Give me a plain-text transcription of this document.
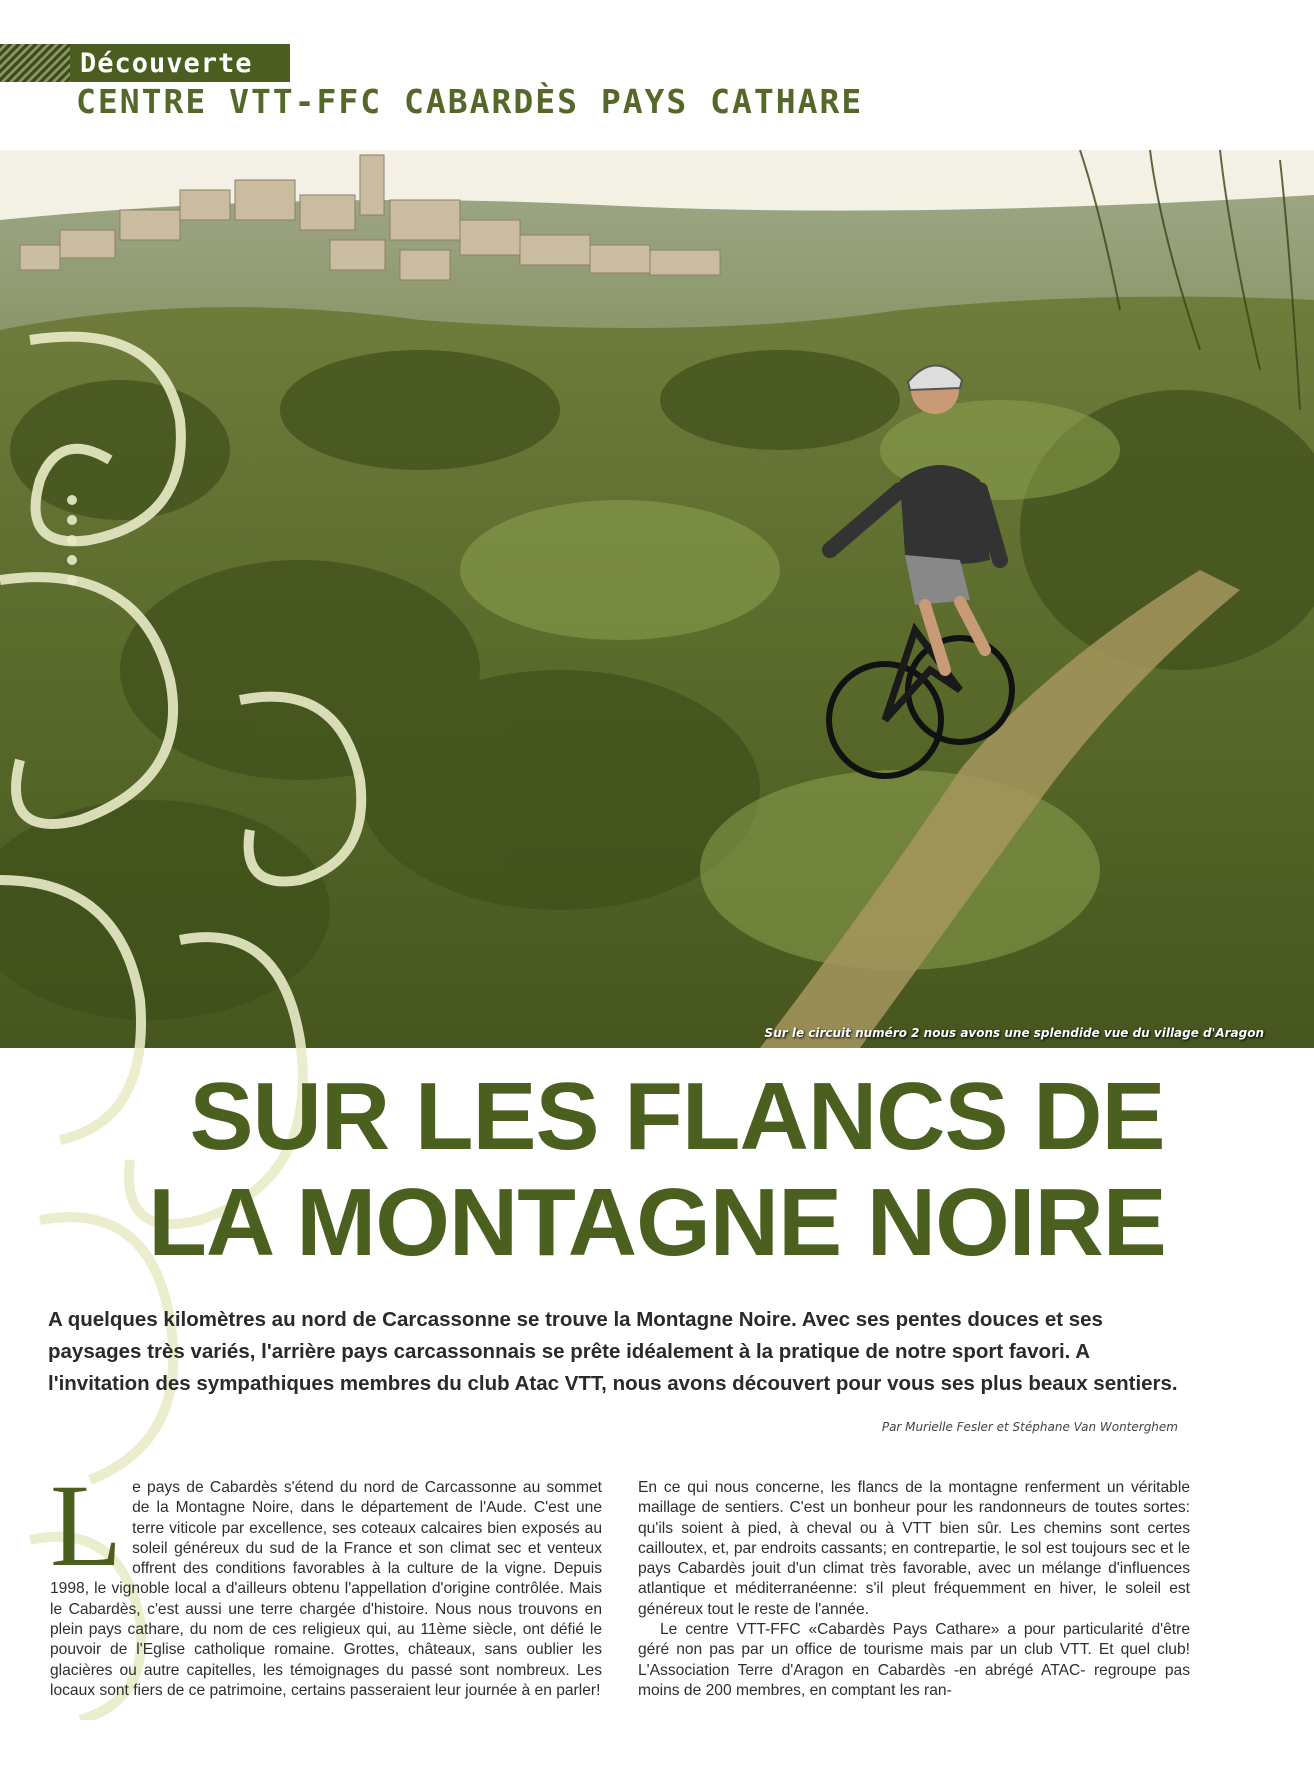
Découverte
CENTRE VTT-FFC CABARDÈS PAYS CATHARE

Sur le circuit numéro 2 nous avons une splendide vue du village d'Aragon

SUR LES FLANCS DE
LA MONTAGNE NOIRE

A quelques kilomètres au nord de Carcassonne se trouve la Montagne Noire. Avec ses pentes douces et ses paysages très variés, l'arrière pays carcassonnais se prête idéalement à la pratique de notre sport favori. A l'invitation des sympathiques membres du club Atac VTT, nous avons découvert pour vous ses plus beaux sentiers.

Par Murielle Fesler et Stéphane Van Wonterghem

L e pays de Cabardès s'étend du nord de Carcassonne au sommet de la Montagne Noire, dans le département de l'Aude. C'est une terre viticole par excellence, ses coteaux calcaires bien exposés au soleil généreux du sud de la France et son climat sec et venteux offrent des conditions favorables à la culture de la vigne. Depuis 1998, le vignoble local a d'ailleurs obtenu l'appellation d'origine contrôlée. Mais le Cabardès, c'est aussi une terre chargée d'histoire. Nous nous trouvons en plein pays cathare, du nom de ces religieux qui, au 11ème siècle, ont défié le pouvoir de l'Eglise catholique romaine. Grottes, châteaux, sans oublier les glacières ou autre capitelles, les témoignages du passé sont nombreux. Les locaux sont fiers de ce patrimoine, certains passeraient leur journée à en parler!

En ce qui nous concerne, les flancs de la montagne renferment un véritable maillage de sentiers. C'est un bonheur pour les randonneurs de toutes sortes: qu'ils soient à pied, à cheval ou à VTT bien sûr. Les chemins sont certes cailloutex, et, par endroits cassants; en contrepartie, le sol est toujours sec et le pays Cabardès jouit d'un climat très favorable, avec un mélange d'influences atlantique et méditerranéenne: s'il pleut fréquemment en hiver, le soleil est généreux tout le reste de l'année.

Le centre VTT-FFC «Cabardès Pays Cathare» a pour particularité d'être géré non pas par un office de tourisme mais par un club VTT. Et quel club! L'Association Terre d'Aragon en Cabardès -en abrégé ATAC- regroupe pas moins de 200 membres, en comptant les ran-
